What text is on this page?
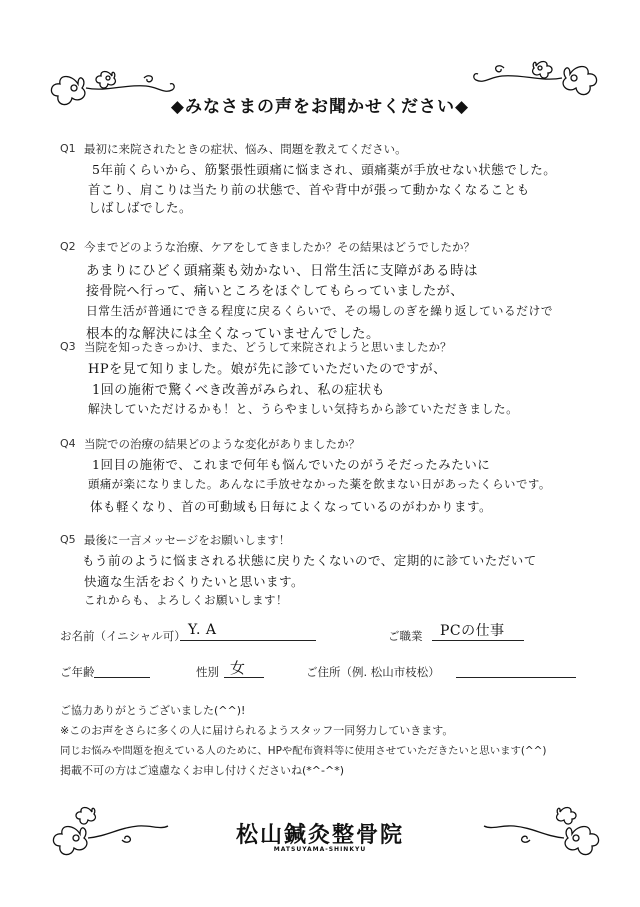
◆みなさまの声をお聞かせください◆
Q1 最初に来院されたときの症状、悩み、問題を教えてください。
5年前くらいから、筋緊張性頭痛に悩まされ、頭痛薬が手放せない状態でした。
首こり、肩こりは当たり前の状態で、首や背中が張って動かなくなることも
しばしばでした。
Q2 今までどのような治療、ケアをしてきましたか？その結果はどうでしたか？
あまりにひどく頭痛薬も効かない、日常生活に支障がある時は
接骨院へ行って、痛いところをほぐしてもらっていましたが、
日常生活が普通にできる程度に戻るくらいで、その場しのぎを繰り返しているだけで
根本的な解決には全くなっていませんでした。
Q3 当院を知ったきっかけ、また、どうして来院されようと思いましたか？
HPを見て知りました。娘が先に診ていただいたのですが、
1回の施術で驚くべき改善がみられ、私の症状も
解決していただけるかも！と、うらやましい気持ちから診ていただきました。
Q4 当院での治療の結果どのような変化がありましたか？
1回目の施術で、これまで何年も悩んでいたのがうそだったみたいに
頭痛が楽になりました。あんなに手放せなかった薬を飲まない日があったくらいです。
体も軽くなり、首の可動域も日毎によくなっているのがわかります。
Q5 最後に一言メッセージをお願いします！
もう前のように悩まされる状態に戻りたくないので、定期的に診ていただいて
快適な生活をおくりたいと思います。
これからも、よろしくお願いします！
お名前（イニシャル可） Y. A	ご職業 PCの仕事
ご年齢	性別 女	ご住所（例. 松山市枝松）
ご協力ありがとうございました(^^)!
※このお声をさらに多くの人に届けられるようスタッフ一同努力していきます。
同じお悩みや問題を抱えている人のために、HPや配布資料等に使用させていただきたいと思います(^^)
掲載不可の方はご遠慮なくお申し付けくださいね(*^-^*)
松山鍼灸整骨院
MATSUYAMA-SHINKYU
